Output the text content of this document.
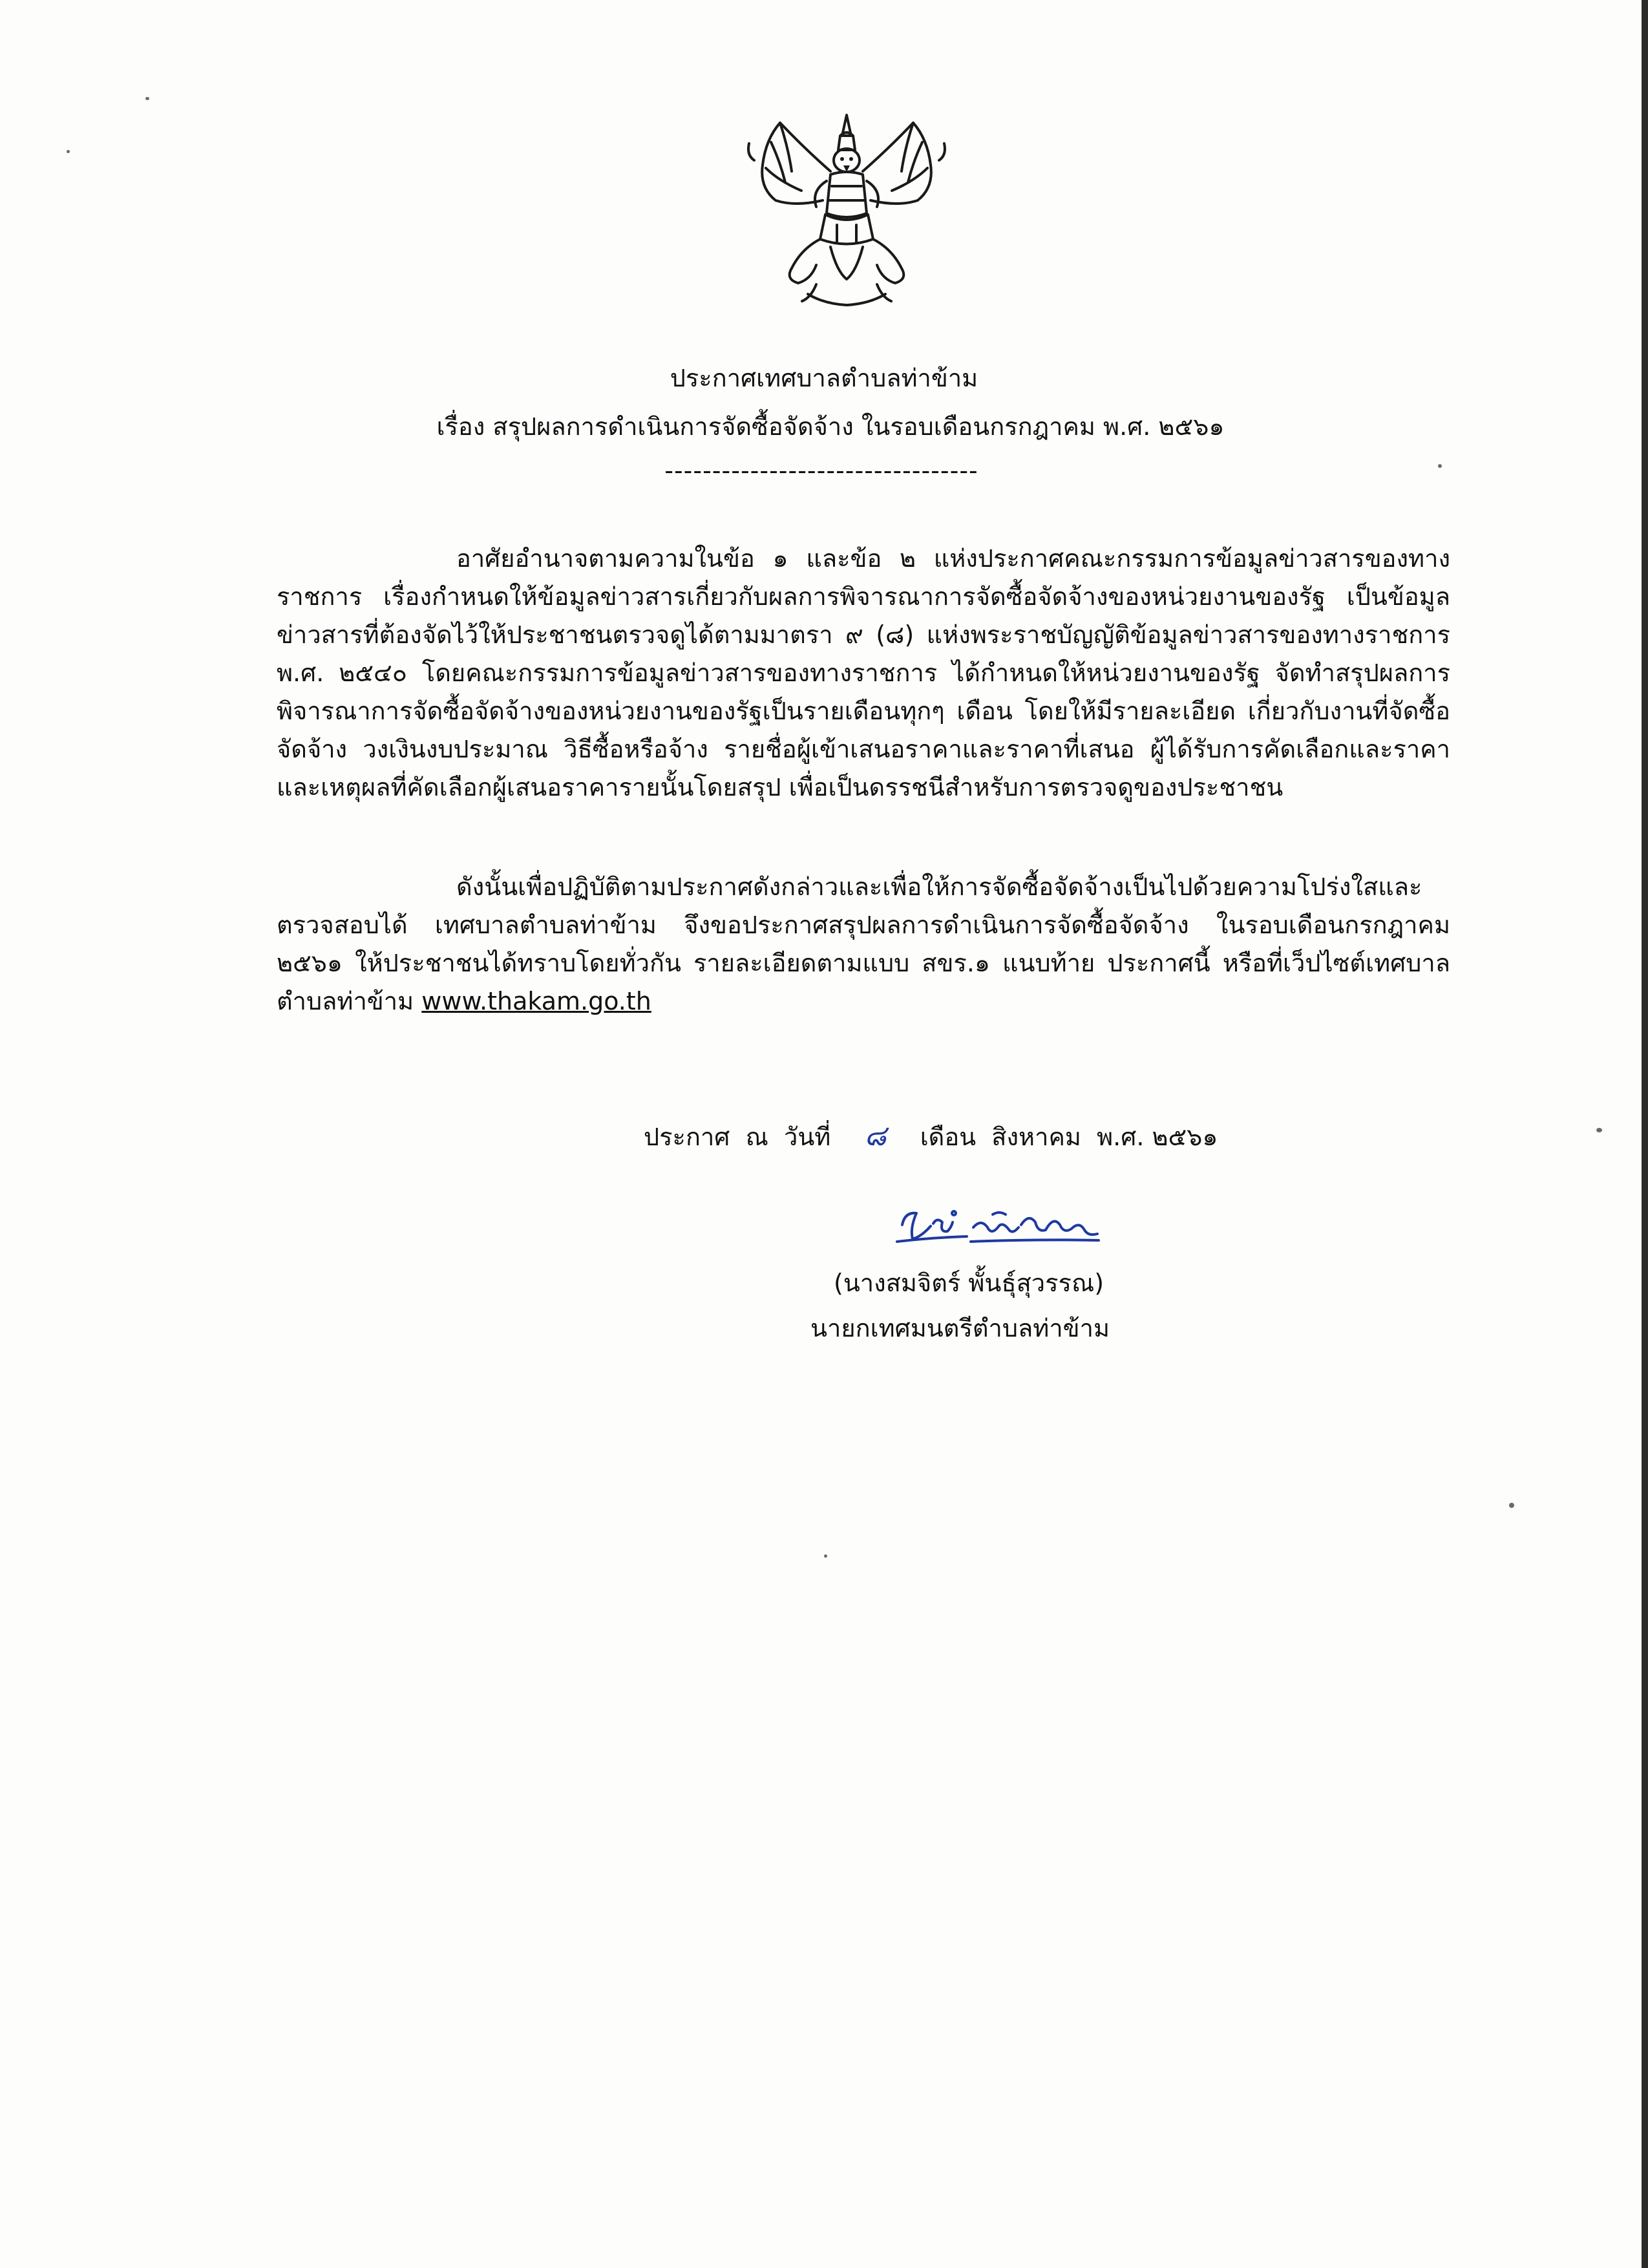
ประกาศเทศบาลตำบลท่าข้าม
เรื่อง สรุปผลการดำเนินการจัดซื้อจัดจ้าง ในรอบเดือนกรกฎาคม พ.ศ. ๒๕๖๑
---------------------------------

อาศัยอำนาจตามความในข้อ ๑ และข้อ ๒ แห่งประกาศคณะกรรมการข้อมูลข่าวสารของทางราชการ เรื่องกำหนดให้ข้อมูลข่าวสารเกี่ยวกับผลการพิจารณาการจัดซื้อจัดจ้างของหน่วยงานของรัฐ เป็นข้อมูลข่าวสารที่ต้องจัดไว้ให้ประชาชนตรวจดูได้ตามมาตรา ๙ (๘) แห่งพระราชบัญญัติข้อมูลข่าวสารของทางราชการ พ.ศ. ๒๕๔๐ โดยคณะกรรมการข้อมูลข่าวสารของทางราชการ ได้กำหนดให้หน่วยงานของรัฐ จัดทำสรุปผลการพิจารณาการจัดซื้อจัดจ้างของหน่วยงานของรัฐเป็นรายเดือนทุกๆ เดือน โดยให้มีรายละเอียด เกี่ยวกับงานที่จัดซื้อจัดจ้าง วงเงินงบประมาณ วิธีซื้อหรือจ้าง รายชื่อผู้เข้าเสนอราคาและราคาที่เสนอ ผู้ได้รับการคัดเลือกและราคา และเหตุผลที่คัดเลือกผู้เสนอราคารายนั้นโดยสรุป เพื่อเป็นดรรชนีสำหรับการตรวจดูของประชาชน

ดังนั้นเพื่อปฏิบัติตามประกาศดังกล่าวและเพื่อให้การจัดซื้อจัดจ้างเป็นไปด้วยความโปร่งใสและตรวจสอบได้ เทศบาลตำบลท่าข้าม จึงขอประกาศสรุปผลการดำเนินการจัดซื้อจัดจ้าง ในรอบเดือนกรกฎาคม ๒๕๖๑ ให้ประชาชนได้ทราบโดยทั่วกัน รายละเอียดตามแบบ สขร.๑ แนบท้าย ประกาศนี้ หรือที่เว็ปไซต์เทศบาลตำบลท่าข้าม www.thakam.go.th

ประกาศ  ณ  วันที่ ๘ เดือน  สิงหาคม  พ.ศ. ๒๕๖๑
(นางสมจิตร์ พั้นธุ์สุวรรณ)
นายกเทศมนตรีตำบลท่าข้าม
